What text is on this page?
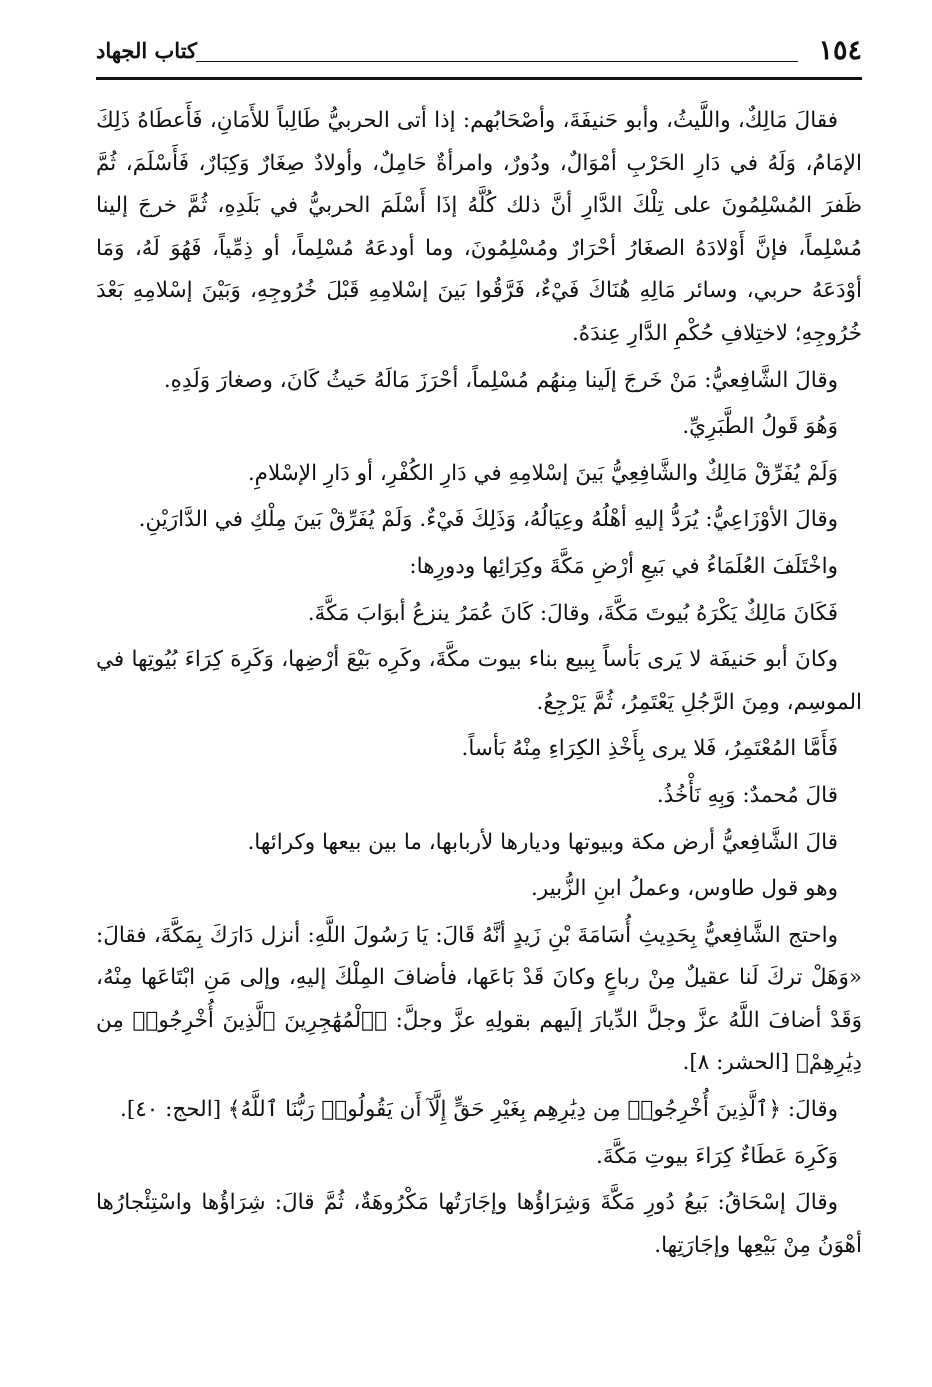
١٥٤
كتاب الجهاد

فقالَ مَالِكٌ، واللَّيثُ، وأبو حَنيفَةَ، وأصْحَابُهم: إذا أتى الحربيُّ طَالِباً للأَمَانِ، فَأَعطَاهُ ذَلِكَ الإمَامُ، وَلَهُ في دَارِ الحَرْبِ أمْوَالٌ، ودُورٌ، وامرأةٌ حَامِلٌ، وأولادٌ صِغَارٌ وَكِبَارٌ، فَأَسْلَمَ، ثُمَّ ظَفرَ المُسْلِمُونَ على تِلْكَ الدَّارِ أنَّ ذلك كُلَّهُ إذَا أَسْلَمَ الحربيُّ في بَلَدِهِ، ثُمَّ خرجَ إلينا مُسْلِماً، فإنَّ أَوْلادَهُ الصغَارُ أحْرَارٌ ومُسْلِمُونَ، وما أودعَهُ مُسْلِماً، أو ذِمِّياً، فَهُوَ لَهُ، وَمَا أوْدَعَهُ حربي، وسائر مَالِهِ هُنَاكَ فَيْءٌ، فَرَّقُوا بَينَ إسْلامِهِ قَبْلَ خُرُوجِهِ، وَبَيْنَ إسْلامِهِ بَعْدَ خُرُوجِهِ؛ لاختِلافِ حُكْمِ الدَّارِ عِندَهُ.

وقالَ الشَّافِعيُّ: مَنْ خَرجَ إلَينا مِنهُم مُسْلِماً، أحْرَزَ مَالَهُ حَيثُ كَانَ، وصغارَ وَلَدِهِ.

وَهُوَ قَولُ الطَّبَرِيِّ.

وَلَمْ يُفَرِّقْ مَالِكٌ والشَّافِعِيُّ بَينَ إسْلامِهِ في دَارِ الكُفْرِ، أو دَارِ الإسْلامِ.

وقالَ الأوْزَاعِيُّ: يُرَدُّ إليهِ أهْلُهُ وعِيَالُهُ، وَذَلِكَ فَيْءٌ. وَلَمْ يُفَرِّقْ بَينَ مِلْكِ في الدَّارَيْنِ.

واخْتَلَفَ العُلَمَاءُ في بَيعِ أرْضِ مَكَّةَ وكِرَائِها ودورِها:

فَكَانَ مَالِكٌ يَكْرَهُ بُيوتَ مَكَّةَ، وقالَ: كَانَ عُمَرُ ينزعُ أبوَابَ مَكَّةَ.

وكانَ أبو حَنيفَة لا يَرى بَأساً بِبيع بناء بيوت مكَّةَ، وكَرِه بَيْعَ أرْضِها، وَكَرِهَ كِرَاءَ بُيُوتِها في الموسِم، ومِنَ الرَّجُلِ يَعْتَمِرُ، ثُمَّ يَرْجِعُ.

فَأَمَّا المُعْتَمِرُ، فَلا يرى بِأَخْذِ الكِرَاءِ مِنْهُ بَأساً.

قالَ مُحمدٌ: وَبِهِ نَأْخُذُ.

قالَ الشَّافِعيُّ أرض مكة وبيوتها وديارها لأربابها، ما بين بيعها وكرائها.

وهو قول طاوس، وعملُ ابنِ الزُّبير.

واحتج الشَّافِعيُّ بِحَدِيثِ أُسَامَةَ بْنِ زَيدٍ أنَّهُ قَالَ: يَا رَسُولَ اللَّهِ: أنزل دَارَكَ بِمَكَّةَ، فقالَ: «وَهَلْ تركَ لَنا عقيلٌ مِنْ رباعٍ وكانَ قَدْ بَاعَها، فأضافَ المِلْكَ إليهِ، وإلى مَنِ ابْتَاعَها مِنْهُ، وَقَدْ أضافَ اللَّهُ عزَّ وجلَّ الدِّيارَ إلَيهم بقولِهِ عزَّ وجلَّ: ﴿ٱلْمُهَٰجِرِينَ ٱلَّذِينَ أُخْرِجُوا۟ مِن دِيَٰرِهِمْ﴾ [الحشر: ٨].

وقالَ: ﴿ٱلَّذِينَ أُخْرِجُوا۟ مِن دِيَٰرِهِم بِغَيْرِ حَقٍّ إِلَّآ أَن يَقُولُوا۟ رَبُّنَا ٱللَّهُ﴾ [الحج: ٤٠].

وَكَرِهَ عَطَاءٌ كِرَاءَ بيوتِ مَكَّةَ.

وقالَ إسْحَاقُ: بَيعُ دُورِ مَكَّةَ وَشِرَاؤُها وإجَارَتُها مَكْرُوهَةٌ، ثُمَّ قالَ: شِرَاؤُها واسْتِئْجارُها أهْوَنُ مِنْ بَيْعِها وإجَارَتِها.
